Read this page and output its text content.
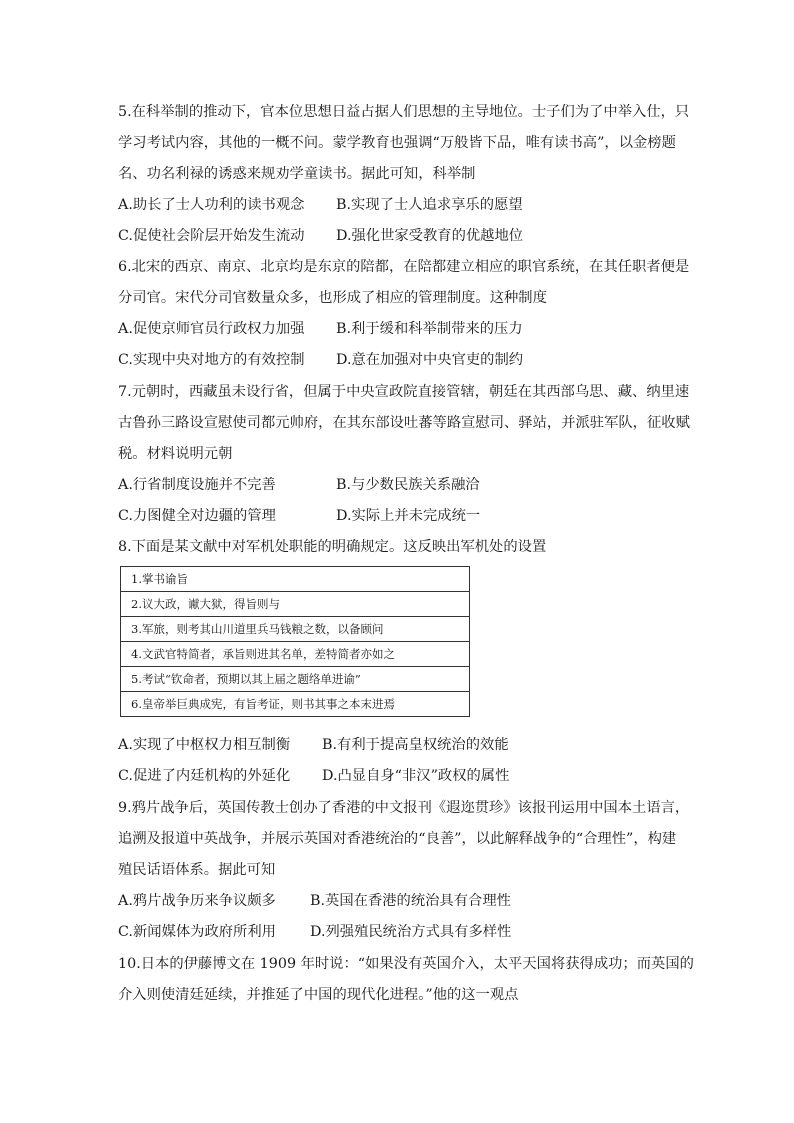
5.在科举制的推动下，官本位思想日益占据人们思想的主导地位。士子们为了中举入仕，只
学习考试内容，其他的一概不问。蒙学教育也强调“万般皆下品，唯有读书高”，以金榜题
名、功名利禄的诱惑来规劝学童读书。据此可知，科举制
A.助长了士人功利的读书观念 B.实现了士人追求享乐的愿望
C.促使社会阶层开始发生流动 D.强化世家受教育的优越地位
6.北宋的西京、南京、北京均是东京的陪都，在陪都建立相应的职官系统，在其任职者便是
分司官。宋代分司官数量众多，也形成了相应的管理制度。这种制度
A.促使京师官员行政权力加强 B.利于缓和科举制带来的压力
C.实现中央对地方的有效控制 D.意在加强对中央官吏的制约
7.元朝时，西藏虽未设行省，但属于中央宣政院直接管辖，朝廷在其西部乌思、藏、纳里速
古鲁孙三路设宣慰使司都元帅府，在其东部设吐蕃等路宣慰司、驿站，并派驻军队，征收赋
税。材料说明元朝
A.行省制度设施并不完善	B.与少数民族关系融洽
C.力图健全对边疆的管理	D.实际上并未完成统一
8.下面是某文献中对军机处职能的明确规定。这反映出军机处的设置
1.掌书谕旨
2.议大政，谳大狱，得旨则与
3.军旅，则考其山川道里兵马钱粮之数，以备顾问
4.文武官特简者，承旨则进其名单，差特简者亦如之
5.考试“钦命者，预期以其上届之题络单进谕”
6.皇帝举巨典成宪，有旨考证，则书其事之本末进焉
A.实现了中枢权力相互制衡 B.有利于提高皇权统治的效能
C.促进了内廷机构的外延化 D.凸显自身“非汉”政权的属性
9.鸦片战争后，英国传教士创办了香港的中文报刊《遐迩贯珍》该报刊运用中国本土语言，
追溯及报道中英战争，并展示英国对香港统治的“良善”，以此解释战争的“合理性”，构建
殖民话语体系。据此可知
A.鸦片战争历来争议颇多 B.英国在香港的统治具有合理性
C.新闻媒体为政府所利用 D.列强殖民统治方式具有多样性
10.日本的伊藤博文在 1909 年时说：“如果没有英国介入，太平天国将获得成功；而英国的
介入则使清廷延续，并推延了中国的现代化进程。”他的这一观点
